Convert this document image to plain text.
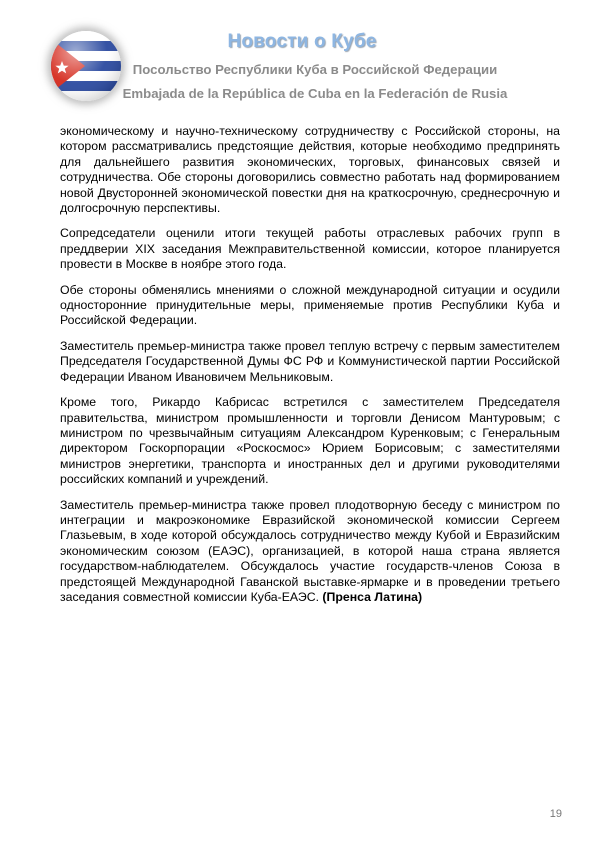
Новости о Кубе
Посольство Республики Куба в Российской Федерации
Embajada de la República de Cuba en la Federación de Rusia

экономическому и научно-техническому сотрудничеству с Российской стороны, на котором рассматривались предстоящие действия, которые необходимо предпринять для дальнейшего развития экономических, торговых, финансовых связей и сотрудничества. Обе стороны договорились совместно работать над формированием новой Двусторонней экономической повестки дня на краткосрочную, среднесрочную и долгосрочную перспективы.

Сопредседатели оценили итоги текущей работы отраслевых рабочих групп в преддверии XIX заседания Межправительственной комиссии, которое планируется провести в Москве в ноябре этого года.

Обе стороны обменялись мнениями о сложной международной ситуации и осудили односторонние принудительные меры, применяемые против Республики Куба и Российской Федерации.

Заместитель премьер-министра также провел теплую встречу с первым заместителем Председателя Государственной Думы ФС РФ и Коммунистической партии Российской Федерации Иваном Ивановичем Мельниковым.

Кроме того, Рикардо Кабрисас встретился с заместителем Председателя правительства, министром промышленности и торговли Денисом Мантуровым; с министром по чрезвычайным ситуациям Александром Куренковым; с Генеральным директором Госкорпорации «Роскосмос» Юрием Борисовым; с заместителями министров энергетики, транспорта и иностранных дел и другими руководителями российских компаний и учреждений.

Заместитель премьер-министра также провел плодотворную беседу с министром по интеграции и макроэкономике Евразийской экономической комиссии Сергеем Глазьевым, в ходе которой обсуждалось сотрудничество между Кубой и Евразийским экономическим союзом (ЕАЭС), организацией, в которой наша страна является государством-наблюдателем. Обсуждалось участие государств-членов Союза в предстоящей Международной Гаванской выставке-ярмарке и в проведении третьего заседания совместной комиссии Куба-ЕАЭС. (Пренса Латина)

19
